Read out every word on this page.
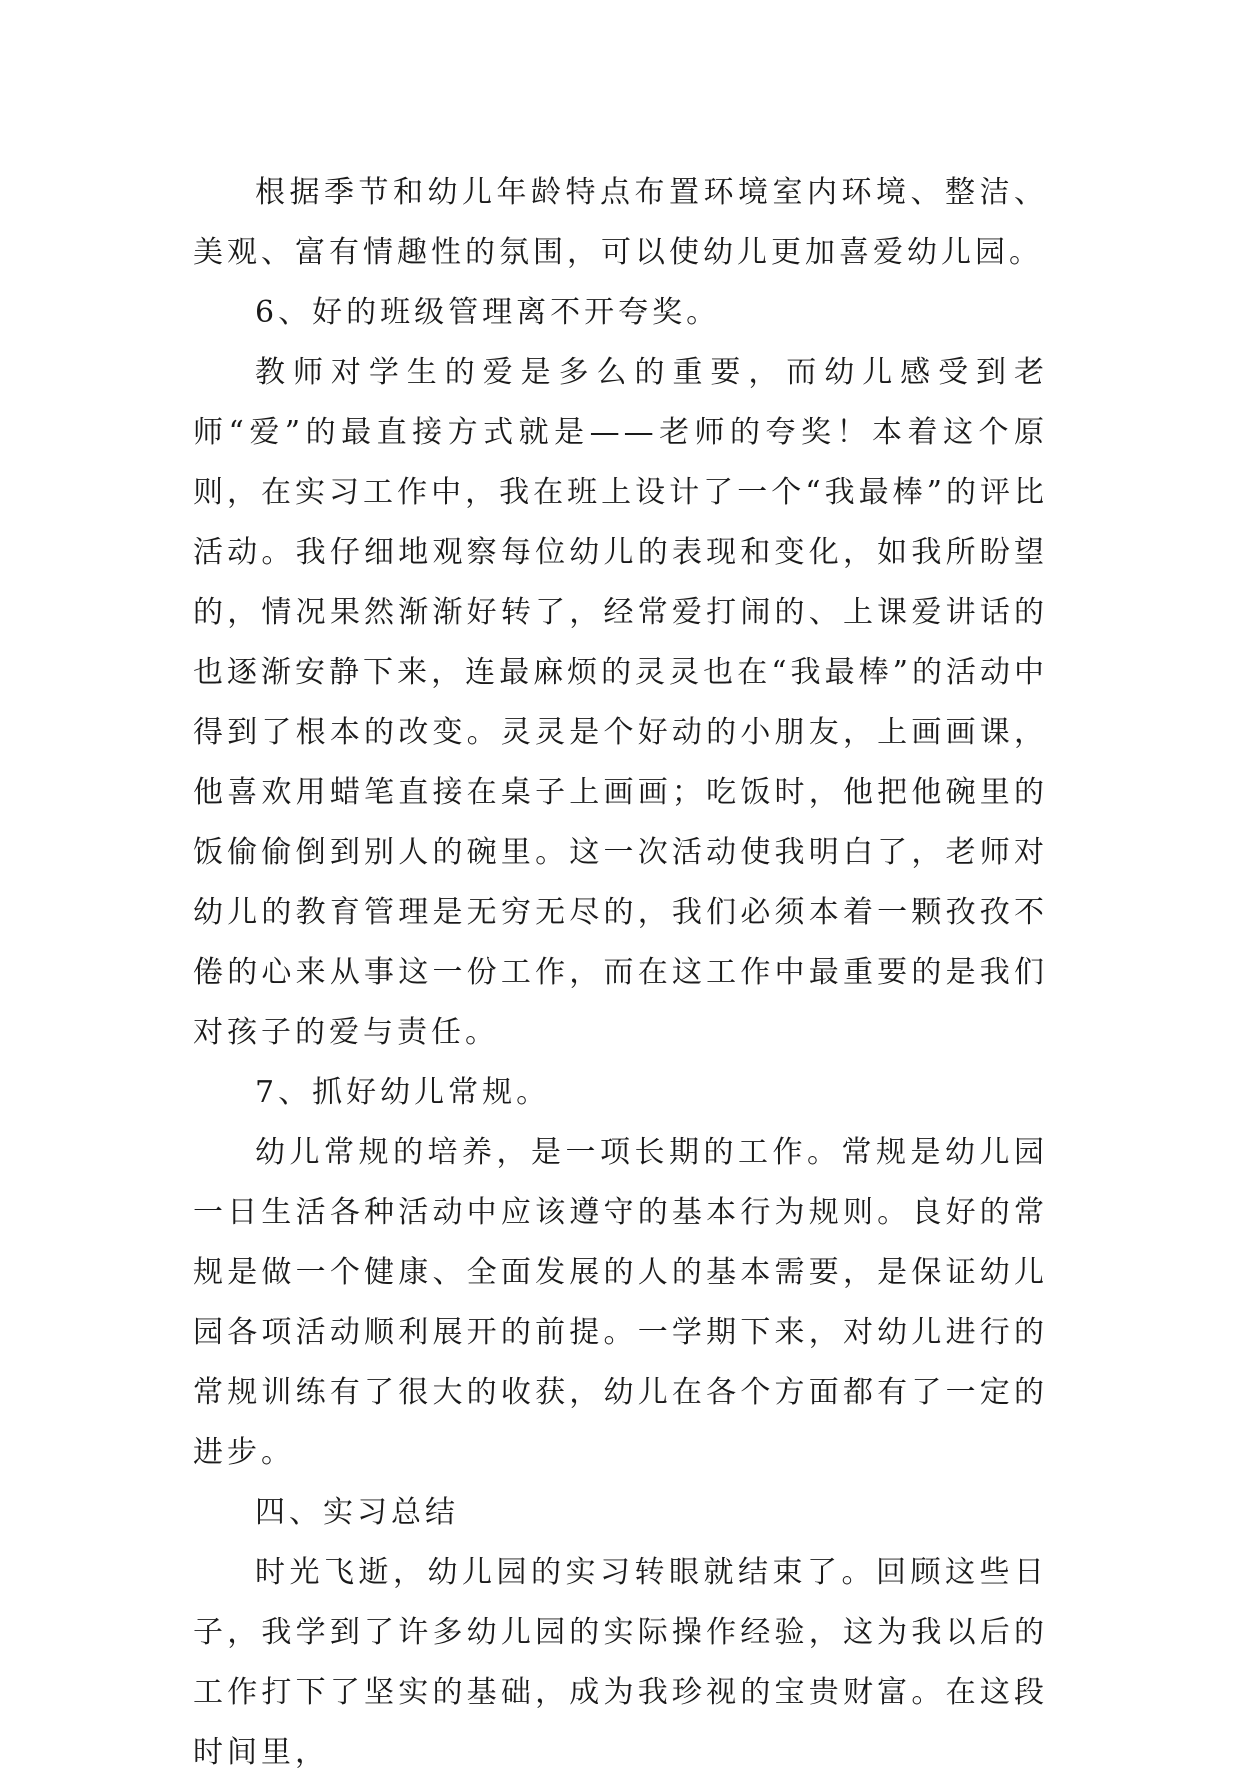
根据季节和幼儿年龄特点布置环境室内环境、整洁、美观、富有情趣性的氛围，可以使幼儿更加喜爱幼儿园。

6、好的班级管理离不开夸奖。

教师对学生的爱是多么的重要，而幼儿感受到老师“爱”的最直接方式就是——老师的夸奖！本着这个原则，在实习工作中，我在班上设计了一个“我最棒”的评比活动。我仔细地观察每位幼儿的表现和变化，如我所盼望的，情况果然渐渐好转了，经常爱打闹的、上课爱讲话的也逐渐安静下来，连最麻烦的灵灵也在“我最棒”的活动中得到了根本的改变。灵灵是个好动的小朋友，上画画课，他喜欢用蜡笔直接在桌子上画画；吃饭时，他把他碗里的饭偷偷倒到别人的碗里。这一次活动使我明白了，老师对幼儿的教育管理是无穷无尽的，我们必须本着一颗孜孜不倦的心来从事这一份工作，而在这工作中最重要的是我们对孩子的爱与责任。

7、抓好幼儿常规。

幼儿常规的培养，是一项长期的工作。常规是幼儿园一日生活各种活动中应该遵守的基本行为规则。良好的常规是做一个健康、全面发展的人的基本需要，是保证幼儿园各项活动顺利展开的前提。一学期下来，对幼儿进行的常规训练有了很大的收获，幼儿在各个方面都有了一定的进步。

四、实习总结

时光飞逝，幼儿园的实习转眼就结束了。回顾这些日子，我学到了许多幼儿园的实际操作经验，这为我以后的工作打下了坚实的基础，成为我珍视的宝贵财富。在这段时间里，
